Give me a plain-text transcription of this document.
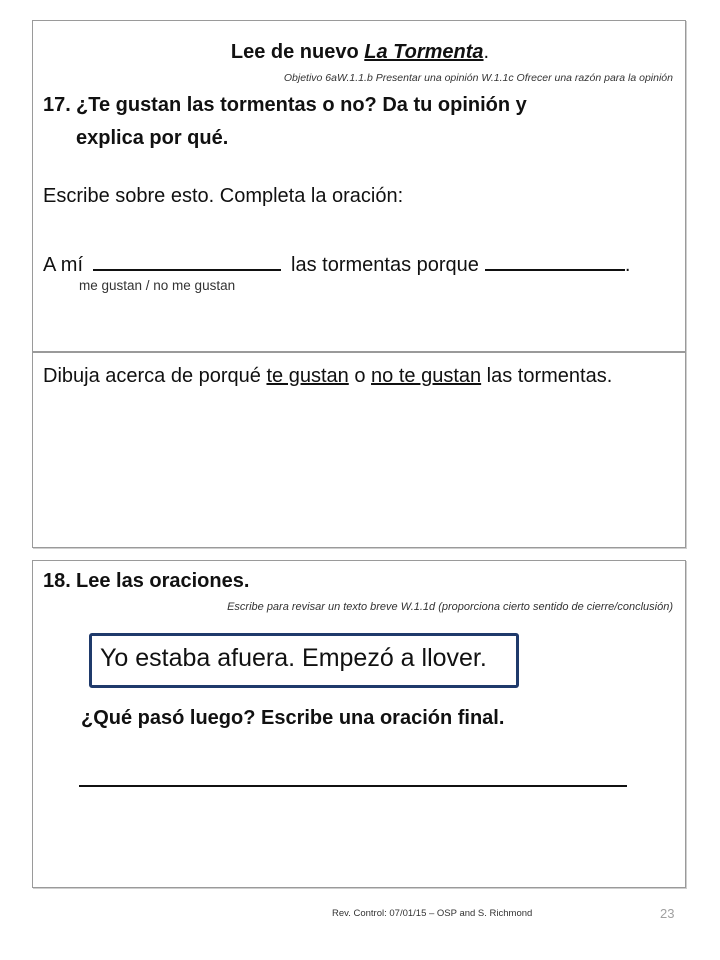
Lee de nuevo La Tormenta.
Objetivo 6aW.1.1.b Presentar una opinión W.1.1c Ofrecer una razón para la opinión
17. ¿Te gustan las tormentas o no? Da tu opinión y
explica por qué.
Escribe sobre esto. Completa la oración:
A mí	las tormentas porque	.
me gustan / no me gustan
Dibuja acerca de porqué te gustan o no te gustan las tormentas.
18. Lee las oraciones.
Escribe para revisar un texto breve W.1.1d (proporciona cierto sentido de cierre/conclusión)
Yo estaba afuera. Empezó a llover.
¿Qué pasó luego? Escribe una oración final.
Rev. Control: 07/01/15 – OSP and S. Richmond	23
